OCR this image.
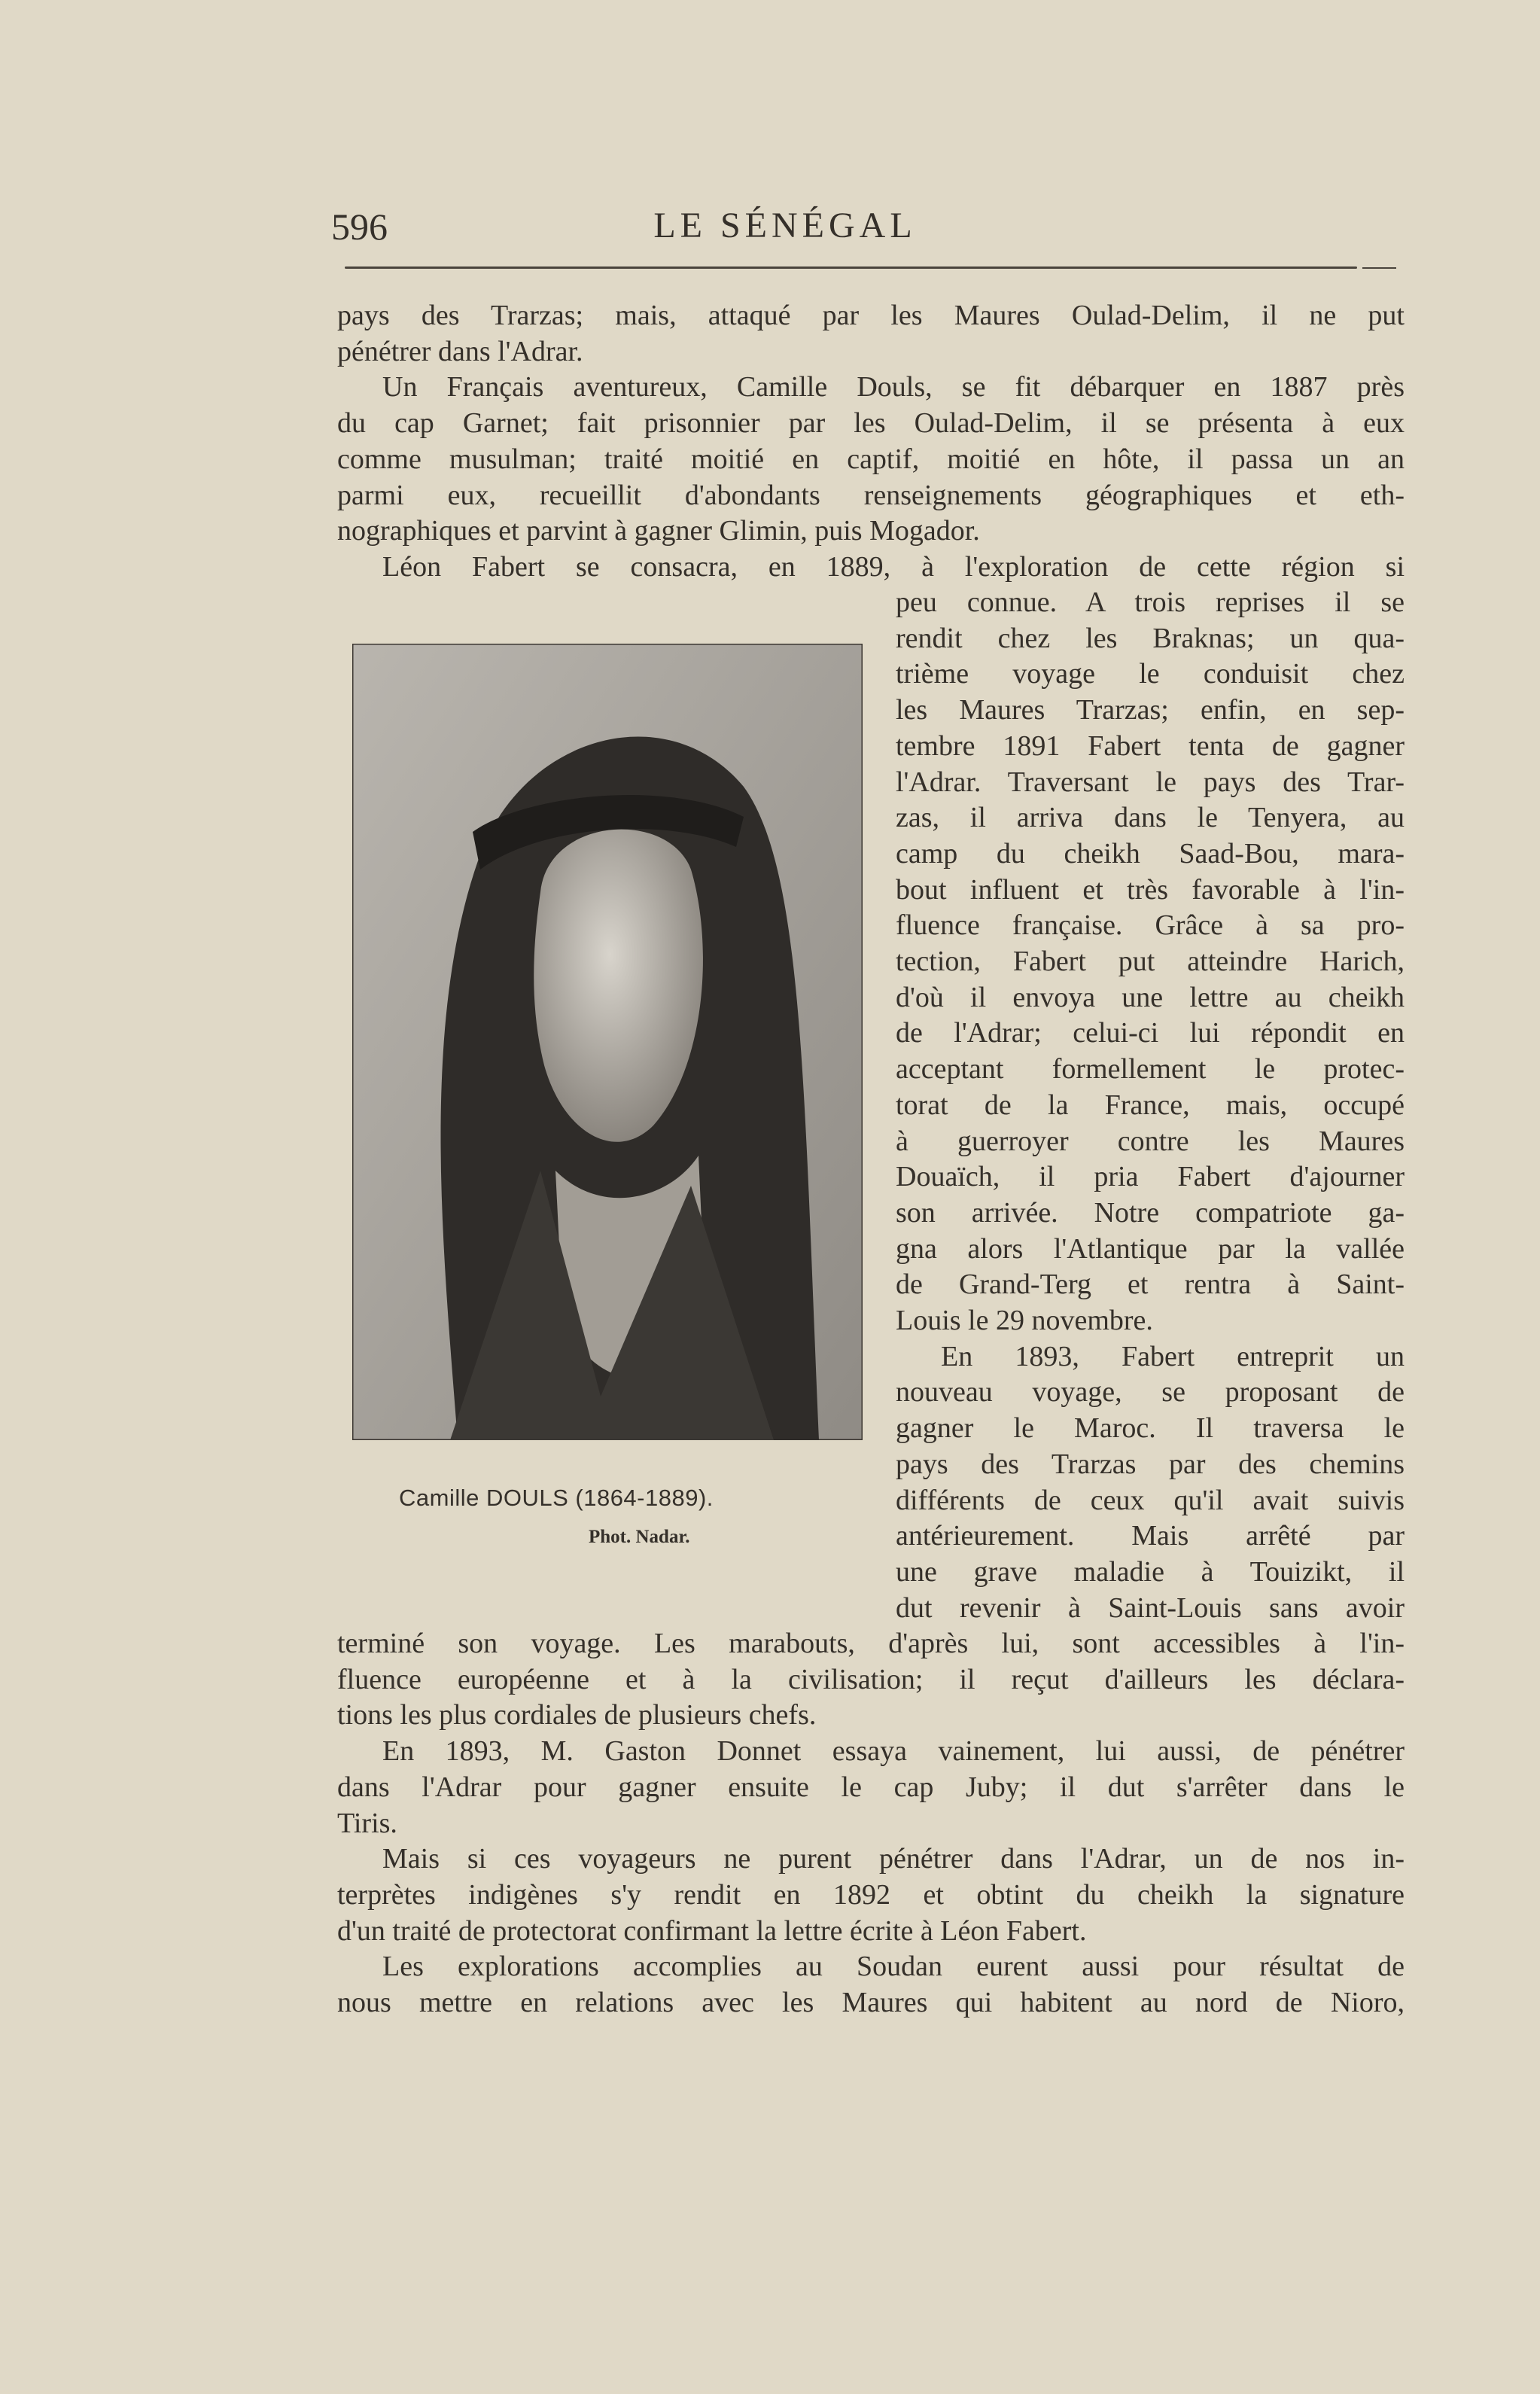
596	LE SÉNÉGAL
pays des Trarzas; mais, attaqué par les Maures Oulad-Delim, il ne put
pénétrer dans l'Adrar.
Un Français aventureux, Camille Douls, se fit débarquer en 1887 près
du cap Garnet; fait prisonnier par les Oulad-Delim, il se présenta à eux
comme musulman; traité moitié en captif, moitié en hôte, il passa un an
parmi eux, recueillit d'abondants renseignements géographiques et eth-
nographiques et parvint à gagner Glimin, puis Mogador.
Léon Fabert se consacra, en 1889, à l'exploration de cette région si
peu connue. A trois reprises il se
rendit chez les Braknas; un qua-
trième voyage le conduisit chez
les Maures Trarzas; enfin, en sep-
tembre 1891 Fabert tenta de gagner
l'Adrar. Traversant le pays des Trar-
zas, il arriva dans le Tenyera, au
camp du cheikh Saad-Bou, mara-
bout influent et très favorable à l'in-
fluence française. Grâce à sa pro-
tection, Fabert put atteindre Harich,
d'où il envoya une lettre au cheikh
de l'Adrar; celui-ci lui répondit en
acceptant formellement le protec-
torat de la France, mais, occupé
à guerroyer contre les Maures
Douaïch, il pria Fabert d'ajourner
son arrivée. Notre compatriote ga-
gna alors l'Atlantique par la vallée
de Grand-Terg et rentra à Saint-
Louis le 29 novembre.
En 1893, Fabert entreprit un
nouveau voyage, se proposant de
gagner le Maroc. Il traversa le
pays des Trarzas par des chemins
différents de ceux qu'il avait suivis
antérieurement. Mais arrêté par
une grave maladie à Touizikt, il
dut revenir à Saint-Louis sans avoir
terminé son voyage. Les marabouts, d'après lui, sont accessibles à l'in-
fluence européenne et à la civilisation; il reçut d'ailleurs les déclara-
tions les plus cordiales de plusieurs chefs.
En 1893, M. Gaston Donnet essaya vainement, lui aussi, de pénétrer
dans l'Adrar pour gagner ensuite le cap Juby; il dut s'arrêter dans le
Tiris.
Mais si ces voyageurs ne purent pénétrer dans l'Adrar, un de nos in-
terprètes indigènes s'y rendit en 1892 et obtint du cheikh la signature
d'un traité de protectorat confirmant la lettre écrite à Léon Fabert.
Les explorations accomplies au Soudan eurent aussi pour résultat de
nous mettre en relations avec les Maures qui habitent au nord de Nioro,
Camille DOULS (1864-1889).
Phot. Nadar.
